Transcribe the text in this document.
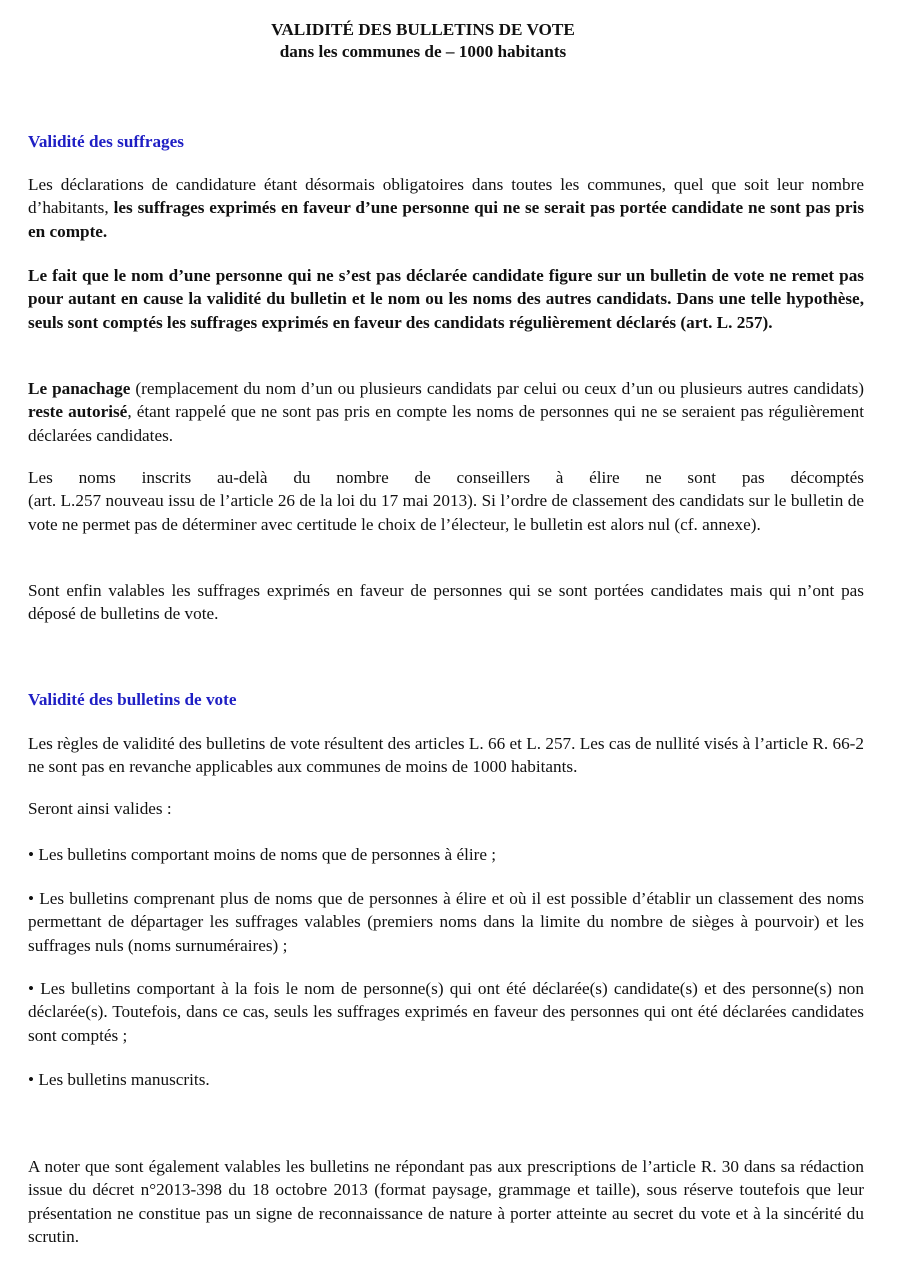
VALIDITÉ DES BULLETINS DE VOTE
dans les communes de – 1000 habitants
Validité des suffrages

Les déclarations de candidature étant désormais obligatoires dans toutes les communes, quel que soit leur nombre d’habitants, les suffrages exprimés en faveur d’une personne qui ne se serait pas portée candidate ne sont pas pris en compte.

Le fait que le nom d’une personne qui ne s’est pas déclarée candidate figure sur un bulletin de vote ne remet pas pour autant en cause la validité du bulletin et le nom ou les noms des autres candidats. Dans une telle hypothèse, seuls sont comptés les suffrages exprimés en faveur des candidats régulièrement déclarés (art. L. 257).

Le panachage (remplacement du nom d’un ou plusieurs candidats par celui ou ceux d’un ou plusieurs autres candidats) reste autorisé, étant rappelé que ne sont pas pris en compte les noms de personnes qui ne se seraient pas régulièrement déclarées candidates.

Les noms inscrits au-delà du nombre de conseillers à élire ne sont pas décomptés
(art. L.257 nouveau issu de l’article 26 de la loi du 17 mai 2013). Si l’ordre de classement des candidats sur le bulletin de vote ne permet pas de déterminer avec certitude le choix de l’électeur, le bulletin est alors nul (cf. annexe).

Sont enfin valables les suffrages exprimés en faveur de personnes qui se sont portées candidates mais qui n’ont pas déposé de bulletins de vote.

Validité des bulletins de vote

Les règles de validité des bulletins de vote résultent des articles L. 66 et L. 257. Les cas de nullité visés à l’article R. 66-2 ne sont pas en revanche applicables aux communes de moins de 1000 habitants.

Seront ainsi valides :

• Les bulletins comportant moins de noms que de personnes à élire ;

• Les bulletins comprenant plus de noms que de personnes à élire et où il est possible d’établir un classement des noms permettant de départager les suffrages valables (premiers noms dans la limite du nombre de sièges à pourvoir) et les suffrages nuls (noms surnuméraires) ;

• Les bulletins comportant à la fois le nom de personne(s) qui ont été déclarée(s) candidate(s) et des personne(s) non déclarée(s). Toutefois, dans ce cas, seuls les suffrages exprimés en faveur des personnes qui ont été déclarées candidates sont comptés ;

• Les bulletins manuscrits.

A noter que sont également valables les bulletins ne répondant pas aux prescriptions de l’article R. 30 dans sa rédaction issue du décret n°2013-398 du 18 octobre 2013 (format paysage, grammage et taille), sous réserve toutefois que leur présentation ne constitue pas un signe de reconnaissance de nature à porter atteinte au secret du vote et à la sincérité du scrutin.
